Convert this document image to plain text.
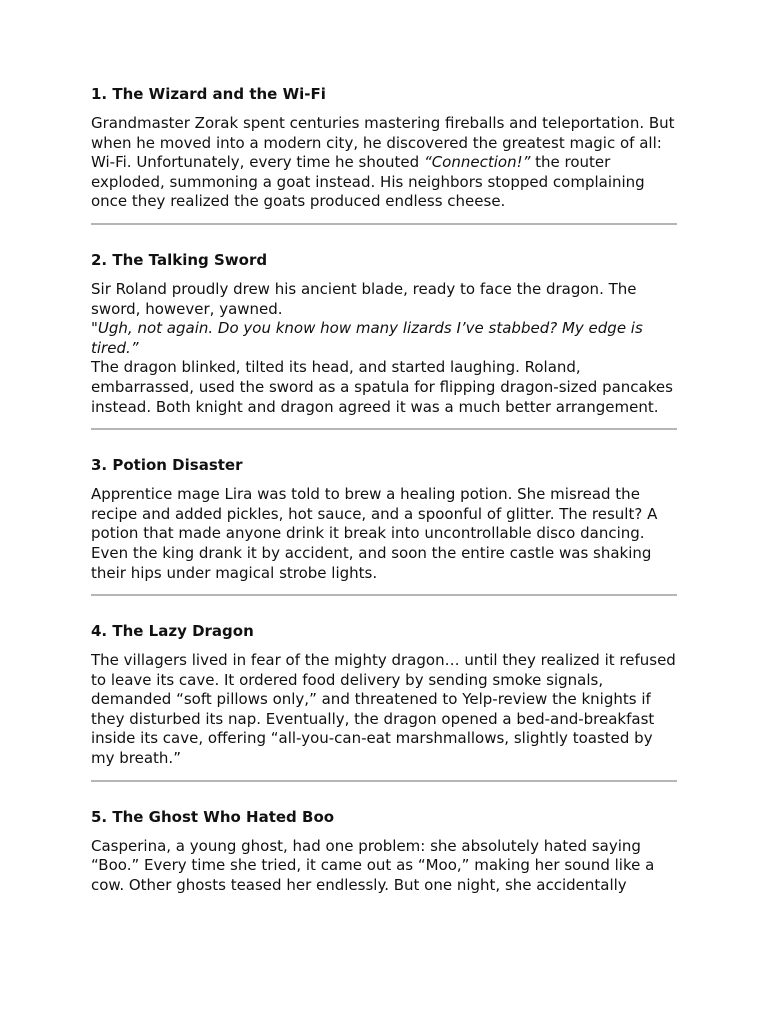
1. The Wizard and the Wi-Fi

Grandmaster Zorak spent centuries mastering fireballs and teleportation. But when he moved into a modern city, he discovered the greatest magic of all: Wi-Fi. Unfortunately, every time he shouted “Connection!” the router exploded, summoning a goat instead. His neighbors stopped complaining once they realized the goats produced endless cheese.

2. The Talking Sword

Sir Roland proudly drew his ancient blade, ready to face the dragon. The sword, however, yawned.

"Ugh, not again. Do you know how many lizards I’ve stabbed? My edge is tired.”

The dragon blinked, tilted its head, and started laughing. Roland, embarrassed, used the sword as a spatula for flipping dragon-sized pancakes instead. Both knight and dragon agreed it was a much better arrangement.

3. Potion Disaster

Apprentice mage Lira was told to brew a healing potion. She misread the recipe and added pickles, hot sauce, and a spoonful of glitter. The result? A potion that made anyone drink it break into uncontrollable disco dancing. Even the king drank it by accident, and soon the entire castle was shaking their hips under magical strobe lights.

4. The Lazy Dragon

The villagers lived in fear of the mighty dragon… until they realized it refused to leave its cave. It ordered food delivery by sending smoke signals, demanded “soft pillows only,” and threatened to Yelp-review the knights if they disturbed its nap. Eventually, the dragon opened a bed-and-breakfast inside its cave, offering “all-you-can-eat marshmallows, slightly toasted by my breath.”

5. The Ghost Who Hated Boo

Casperina, a young ghost, had one problem: she absolutely hated saying “Boo.” Every time she tried, it came out as “Moo,” making her sound like a cow. Other ghosts teased her endlessly. But one night, she accidentally
